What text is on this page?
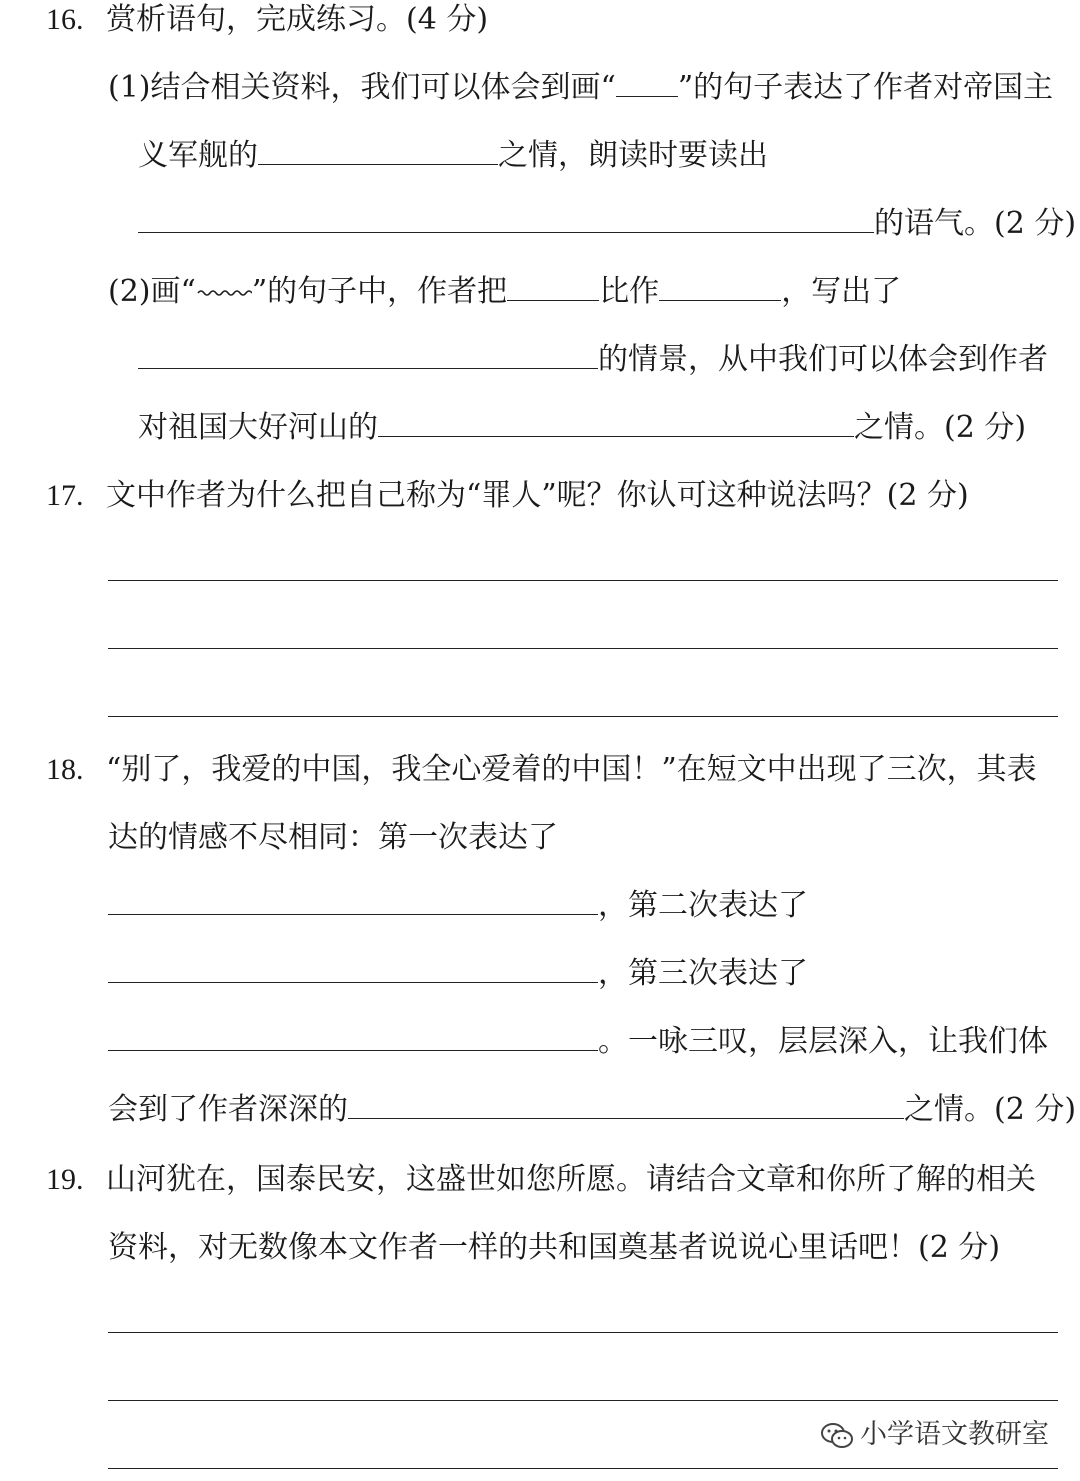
16. 赏析语句，完成练习。(4 分)
(1)结合相关资料，我们可以体会到画“ ”的句子表达了作者对帝国主
义军舰的	之情，朗读时要读出
的语气。(2 分)
(2)画“ ”的句子中，作者把	比作	，写出了
的情景，从中我们可以体会到作者
对祖国大好河山的	之情。(2 分)
17. 文中作者为什么把自己称为“罪人”呢？你认可这种说法吗？(2 分)
18. “别了，我爱的中国，我全心爱着的中国！”在短文中出现了三次，其表
达的情感不尽相同：第一次表达了
，第二次表达了
，第三次表达了
。一咏三叹，层层深入，让我们体
会到了作者深深的	之情。(2 分)
19. 山河犹在，国泰民安，这盛世如您所愿。请结合文章和你所了解的相关
资料，对无数像本文作者一样的共和国奠基者说说心里话吧！(2 分)
小学语文教研室
